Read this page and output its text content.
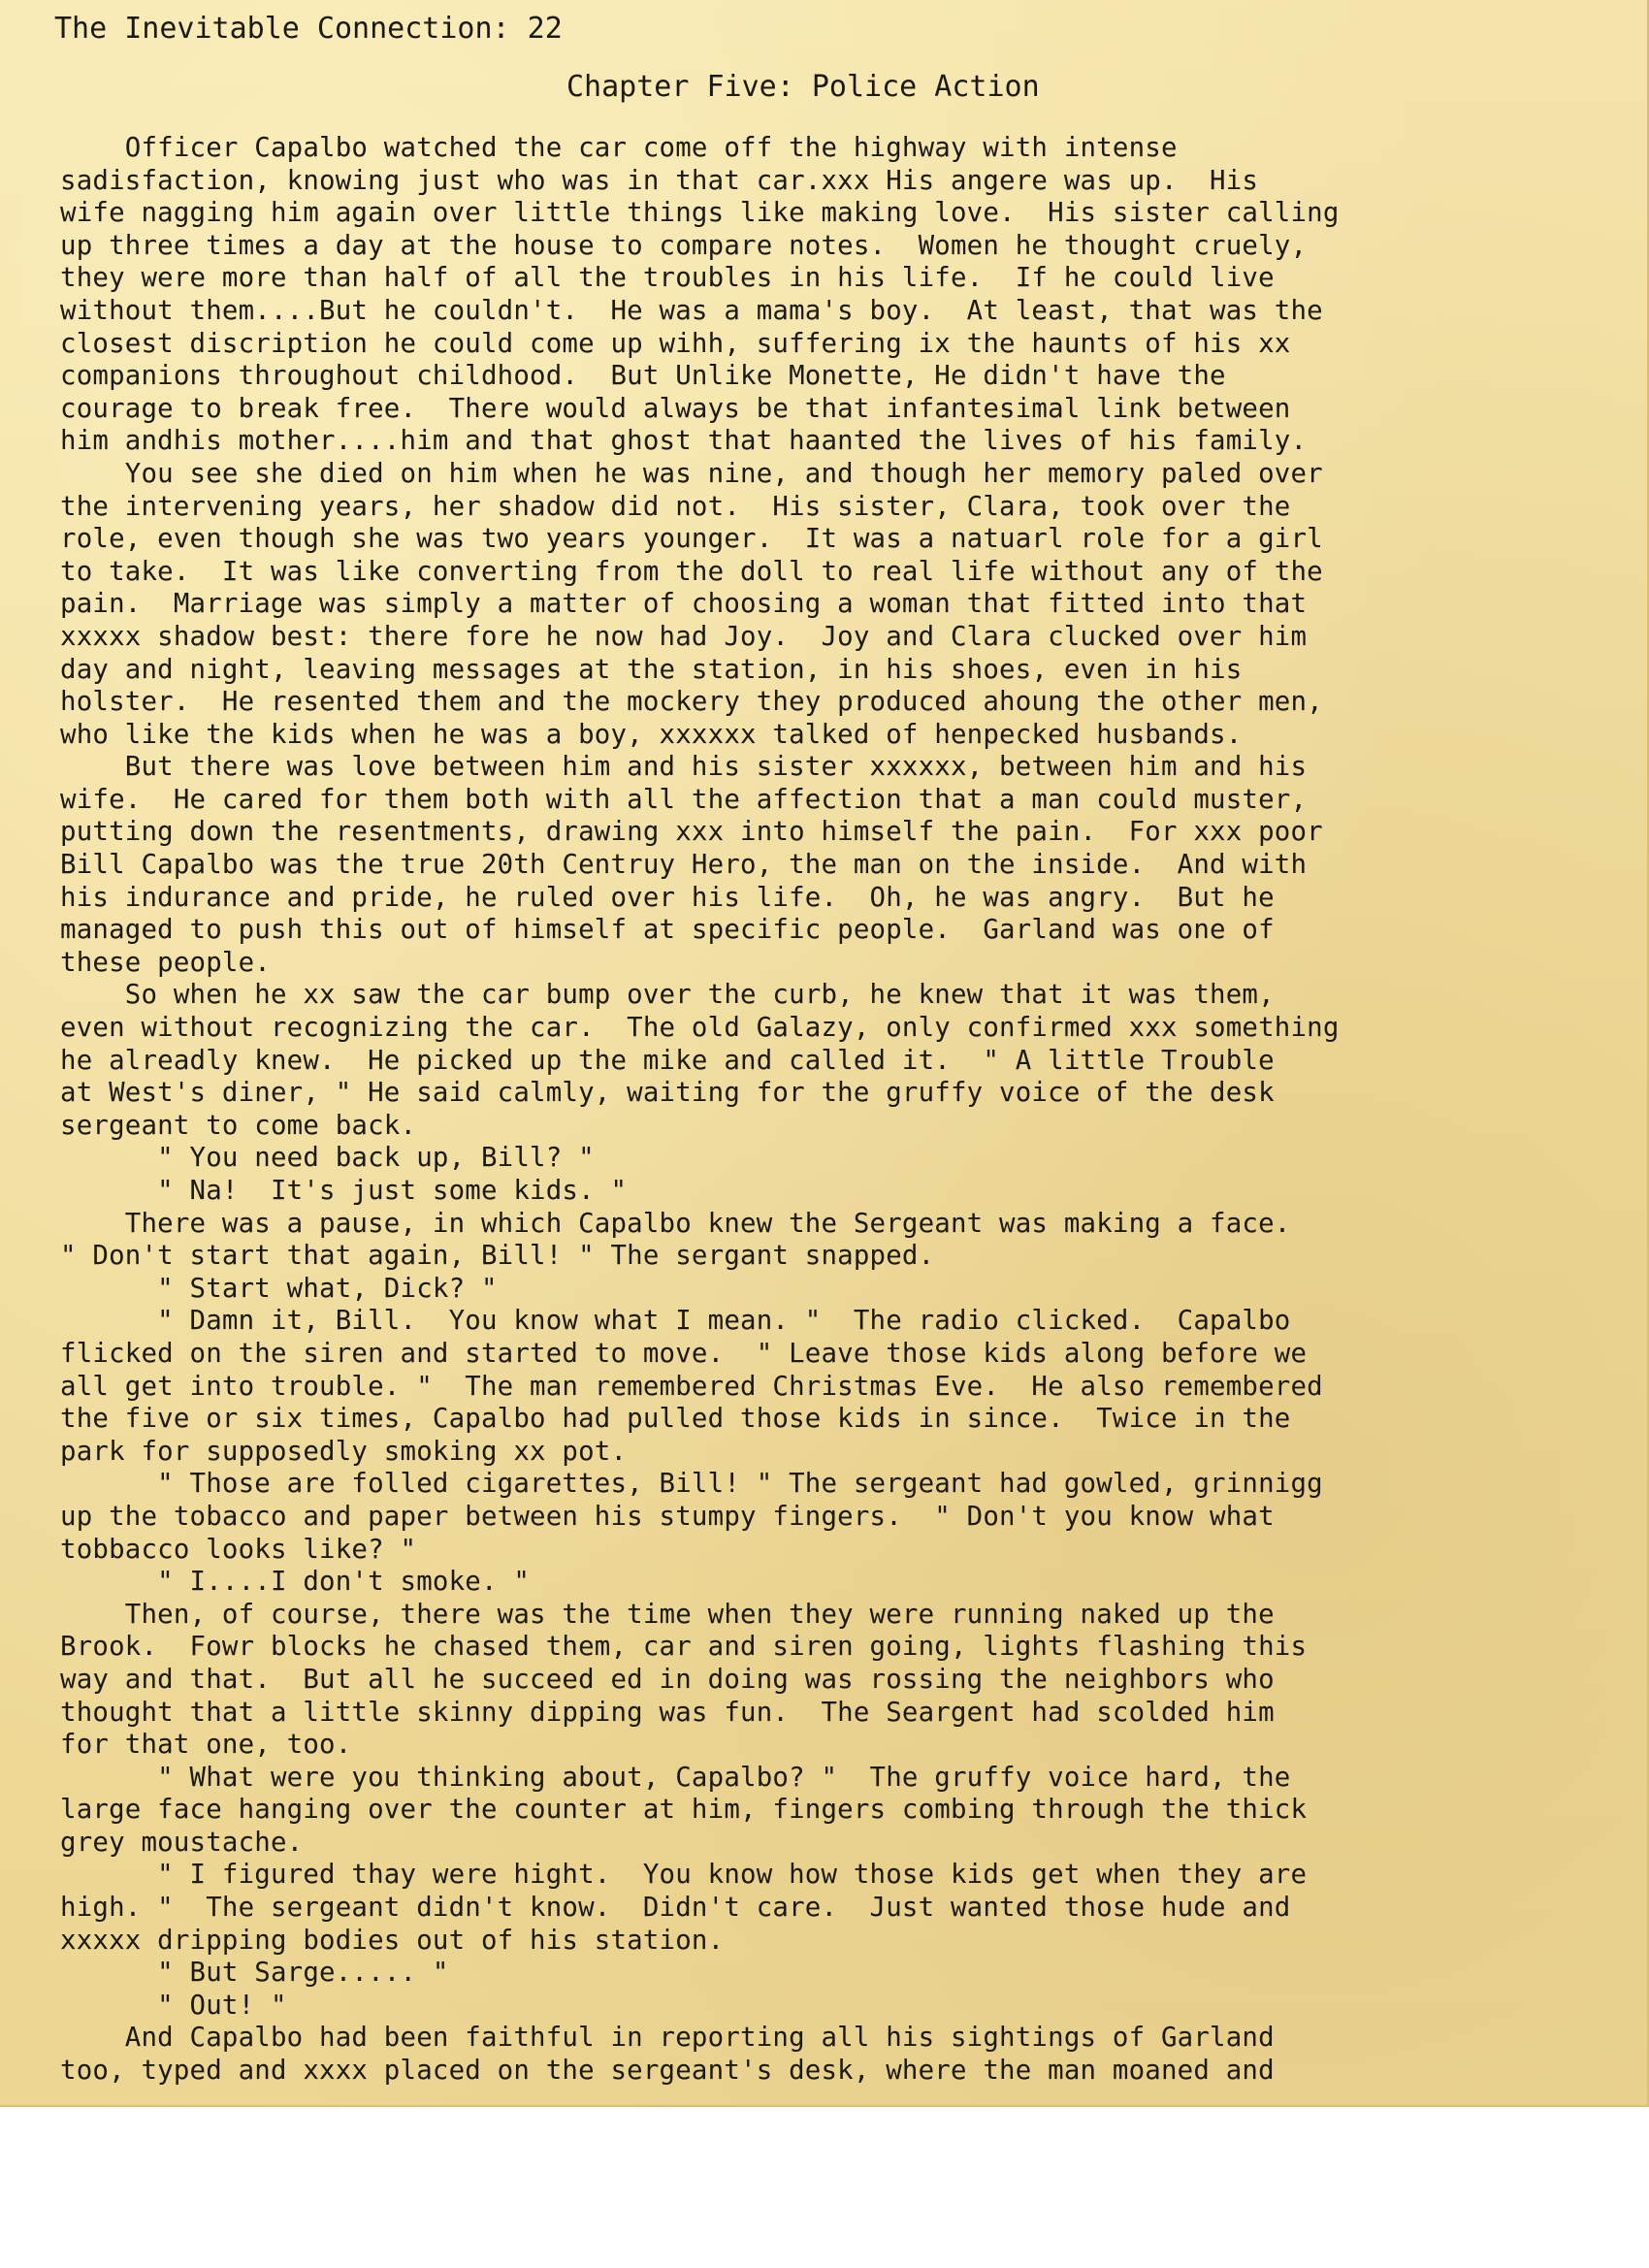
The Inevitable Connection: 22
Chapter Five: Police Action
Officer Capalbo watched the car come off the highway with intense
sadisfaction, knowing just who was in that car.xxx His angere was up.  His
wife nagging him again over little things like making love.  His sister calling
up three times a day at the house to compare notes.  Women he thought cruely,
they were more than half of all the troubles in his life.  If he could live
without them....But he couldn't.  He was a mama's boy.  At least, that was the
closest discription he could come up wihh, suffering ix the haunts of his xx
companions throughout childhood.  But Unlike Monette, He didn't have the
courage to break free.  There would always be that infantesimal link between
him andhis mother....him and that ghost that haanted the lives of his family.
You see she died on him when he was nine, and though her memory paled over
the intervening years, her shadow did not.  His sister, Clara, took over the
role, even though she was two years younger.  It was a natuarl role for a girl
to take.  It was like converting from the doll to real life without any of the
pain.  Marriage was simply a matter of choosing a woman that fitted into that
xxxxx shadow best: there fore he now had Joy.  Joy and Clara clucked over him
day and night, leaving messages at the station, in his shoes, even in his
holster.  He resented them and the mockery they produced ahoung the other men,
who like the kids when he was a boy, xxxxxx talked of henpecked husbands.
But there was love between him and his sister xxxxxx, between him and his
wife.  He cared for them both with all the affection that a man could muster,
putting down the resentments, drawing xxx into himself the pain.  For xxx poor
Bill Capalbo was the true 20th Centruy Hero, the man on the inside.  And with
his indurance and pride, he ruled over his life.  Oh, he was angry.  But he
managed to push this out of himself at specific people.  Garland was one of
these people.
So when he xx saw the car bump over the curb, he knew that it was them,
even without recognizing the car.  The old Galazy, only confirmed xxx something
he alreadly knew.  He picked up the mike and called it.  " A little Trouble
at West's diner, " He said calmly, waiting for the gruffy voice of the desk
sergeant to come back.
" You need back up, Bill? "
" Na!  It's just some kids. "
There was a pause, in which Capalbo knew the Sergeant was making a face.
" Don't start that again, Bill! " The sergant snapped.
" Start what, Dick? "
" Damn it, Bill.  You know what I mean. "  The radio clicked.  Capalbo
flicked on the siren and started to move.  " Leave those kids along before we
all get into trouble. "  The man remembered Christmas Eve.  He also remembered
the five or six times, Capalbo had pulled those kids in since.  Twice in the
park for supposedly smoking xx pot.
" Those are folled cigarettes, Bill! " The sergeant had gowled, grinnigg
up the tobacco and paper between his stumpy fingers.  " Don't you know what
tobbacco looks like? "
" I....I don't smoke. "
Then, of course, there was the time when they were running naked up the
Brook.  Fowr blocks he chased them, car and siren going, lights flashing this
way and that.  But all he succeed ed in doing was rossing the neighbors who
thought that a little skinny dipping was fun.  The Seargent had scolded him
for that one, too.
" What were you thinking about, Capalbo? "  The gruffy voice hard, the
large face hanging over the counter at him, fingers combing through the thick
grey moustache.
" I figured thay were hight.  You know how those kids get when they are
high. "  The sergeant didn't know.  Didn't care.  Just wanted those hude and
xxxxx dripping bodies out of his station.
" But Sarge..... "
" Out! "
And Capalbo had been faithful in reporting all his sightings of Garland
too, typed and xxxx placed on the sergeant's desk, where the man moaned and
